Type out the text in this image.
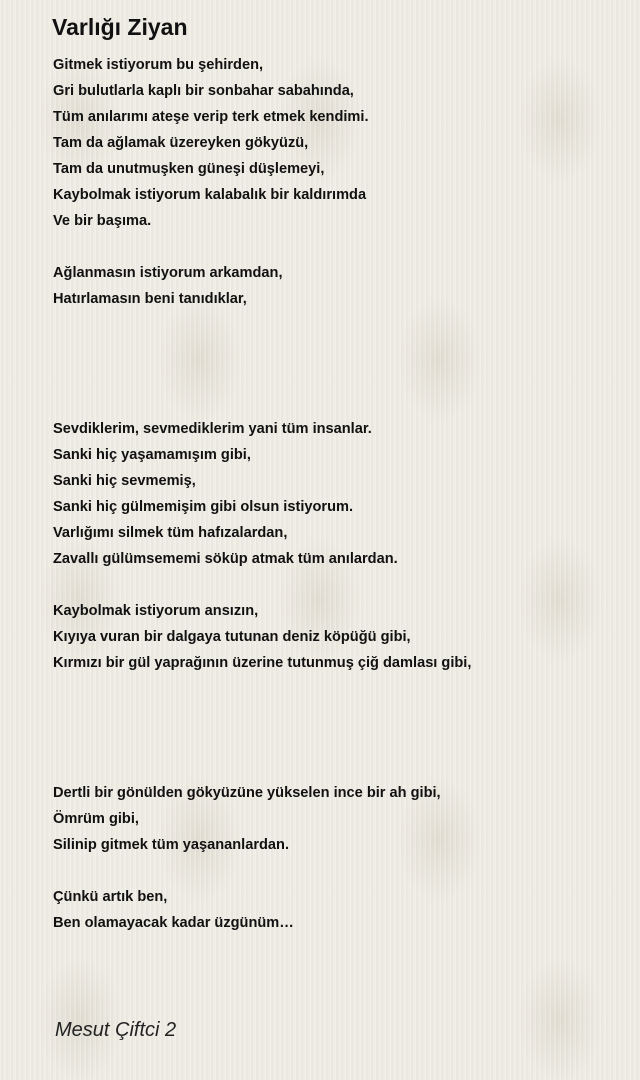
Varlığı Ziyan
Gitmek istiyorum bu şehirden,
Gri bulutlarla kaplı bir sonbahar sabahında,
Tüm anılarımı ateşe verip terk etmek kendimi.
Tam da ağlamak üzereyken gökyüzü,
Tam da unutmuşken güneşi düşlemeyi,
Kaybolmak istiyorum kalabalık bir kaldırımda
Ve bir başıma.
Ağlanmasın istiyorum arkamdan,
Hatırlamasın beni tanıdıklar,
Sevdiklerim, sevmediklerim yani tüm insanlar.
Sanki hiç yaşamamışım gibi,
Sanki hiç sevmemiş,
Sanki hiç gülmemişim gibi olsun istiyorum.
Varlığımı silmek tüm hafızalardan,
Zavallı gülümsememi söküp atmak tüm anılardan.
Kaybolmak istiyorum ansızın,
Kıyıya vuran bir dalgaya tutunan deniz köpüğü gibi,
Kırmızı bir gül yaprağının üzerine tutunmuş çiğ damlası gibi,
Dertli bir gönülden gökyüzüne yükselen ince bir ah gibi,
Ömrüm gibi,
Silinip gitmek tüm yaşananlardan.
Çünkü artık ben,
Ben olamayacak kadar üzgünüm…
Mesut Çiftci 2
